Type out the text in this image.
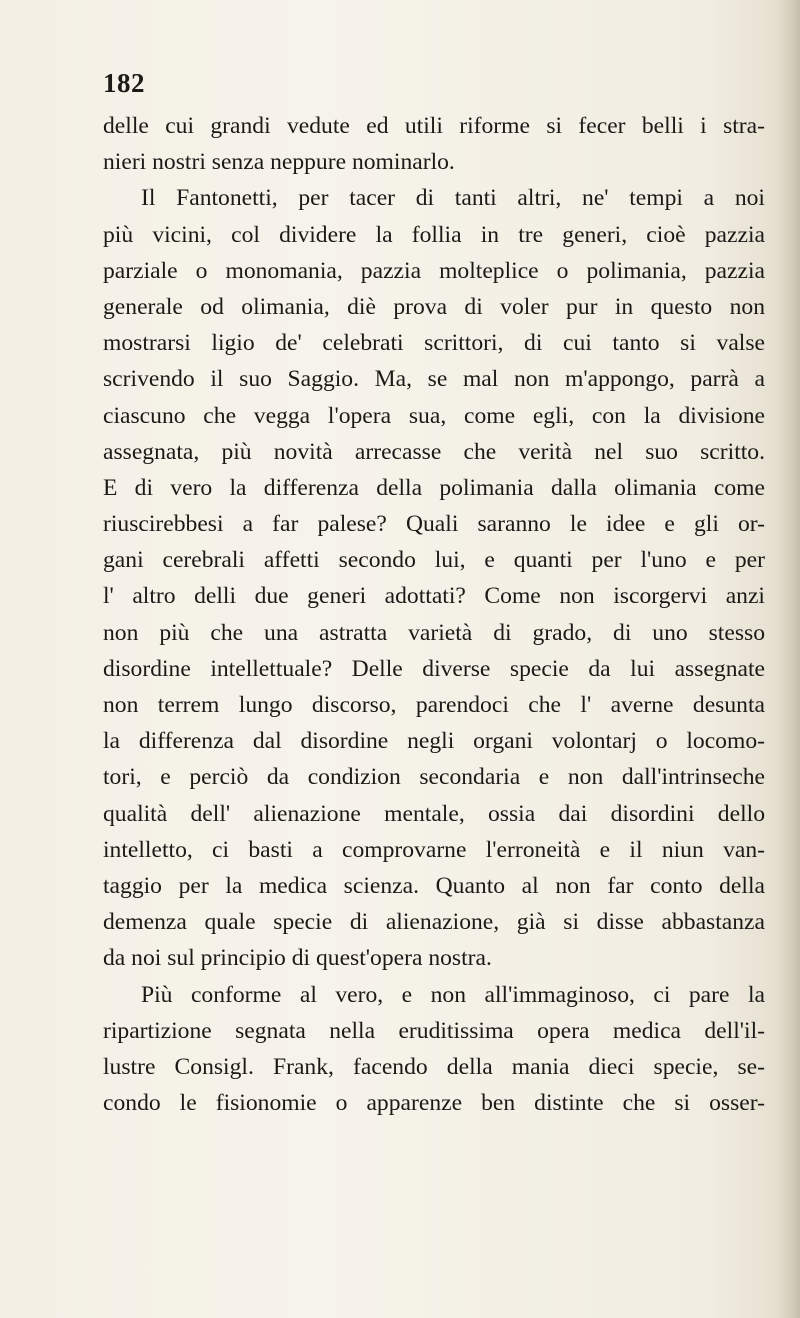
182
delle cui grandi vedute ed utili riforme si fecer belli i stra-
nieri nostri senza neppure nominarlo.
Il Fantonetti, per tacer di tanti altri, ne' tempi a noi
più vicini, col dividere la follia in tre generi, cioè pazzia
parziale o monomania, pazzia molteplice o polimania, pazzia
generale od olimania, diè prova di voler pur in questo non
mostrarsi ligio de' celebrati scrittori, di cui tanto si valse
scrivendo il suo Saggio. Ma, se mal non m'appongo, parrà a
ciascuno che vegga l'opera sua, come egli, con la divisione
assegnata, più novità arrecasse che verità nel suo scritto.
E di vero la differenza della polimania dalla olimania come
riuscirebbesi a far palese? Quali saranno le idee e gli or-
gani cerebrali affetti secondo lui, e quanti per l'uno e per
l' altro delli due generi adottati? Come non iscorgervi anzi
non più che una astratta varietà di grado, di uno stesso
disordine intellettuale? Delle diverse specie da lui assegnate
non terrem lungo discorso, parendoci che l' averne desunta
la differenza dal disordine negli organi volontarj o locomo-
tori, e perciò da condizion secondaria e non dall'intrinseche
qualità dell' alienazione mentale, ossia dai disordini dello
intelletto, ci basti a comprovarne l'erroneità e il niun van-
taggio per la medica scienza. Quanto al non far conto della
demenza quale specie di alienazione, già si disse abbastanza
da noi sul principio di quest'opera nostra.
Più conforme al vero, e non all'immaginoso, ci pare la
ripartizione segnata nella eruditissima opera medica dell'il-
lustre Consigl. Frank, facendo della mania dieci specie, se-
condo le fisionomie o apparenze ben distinte che si osser-
